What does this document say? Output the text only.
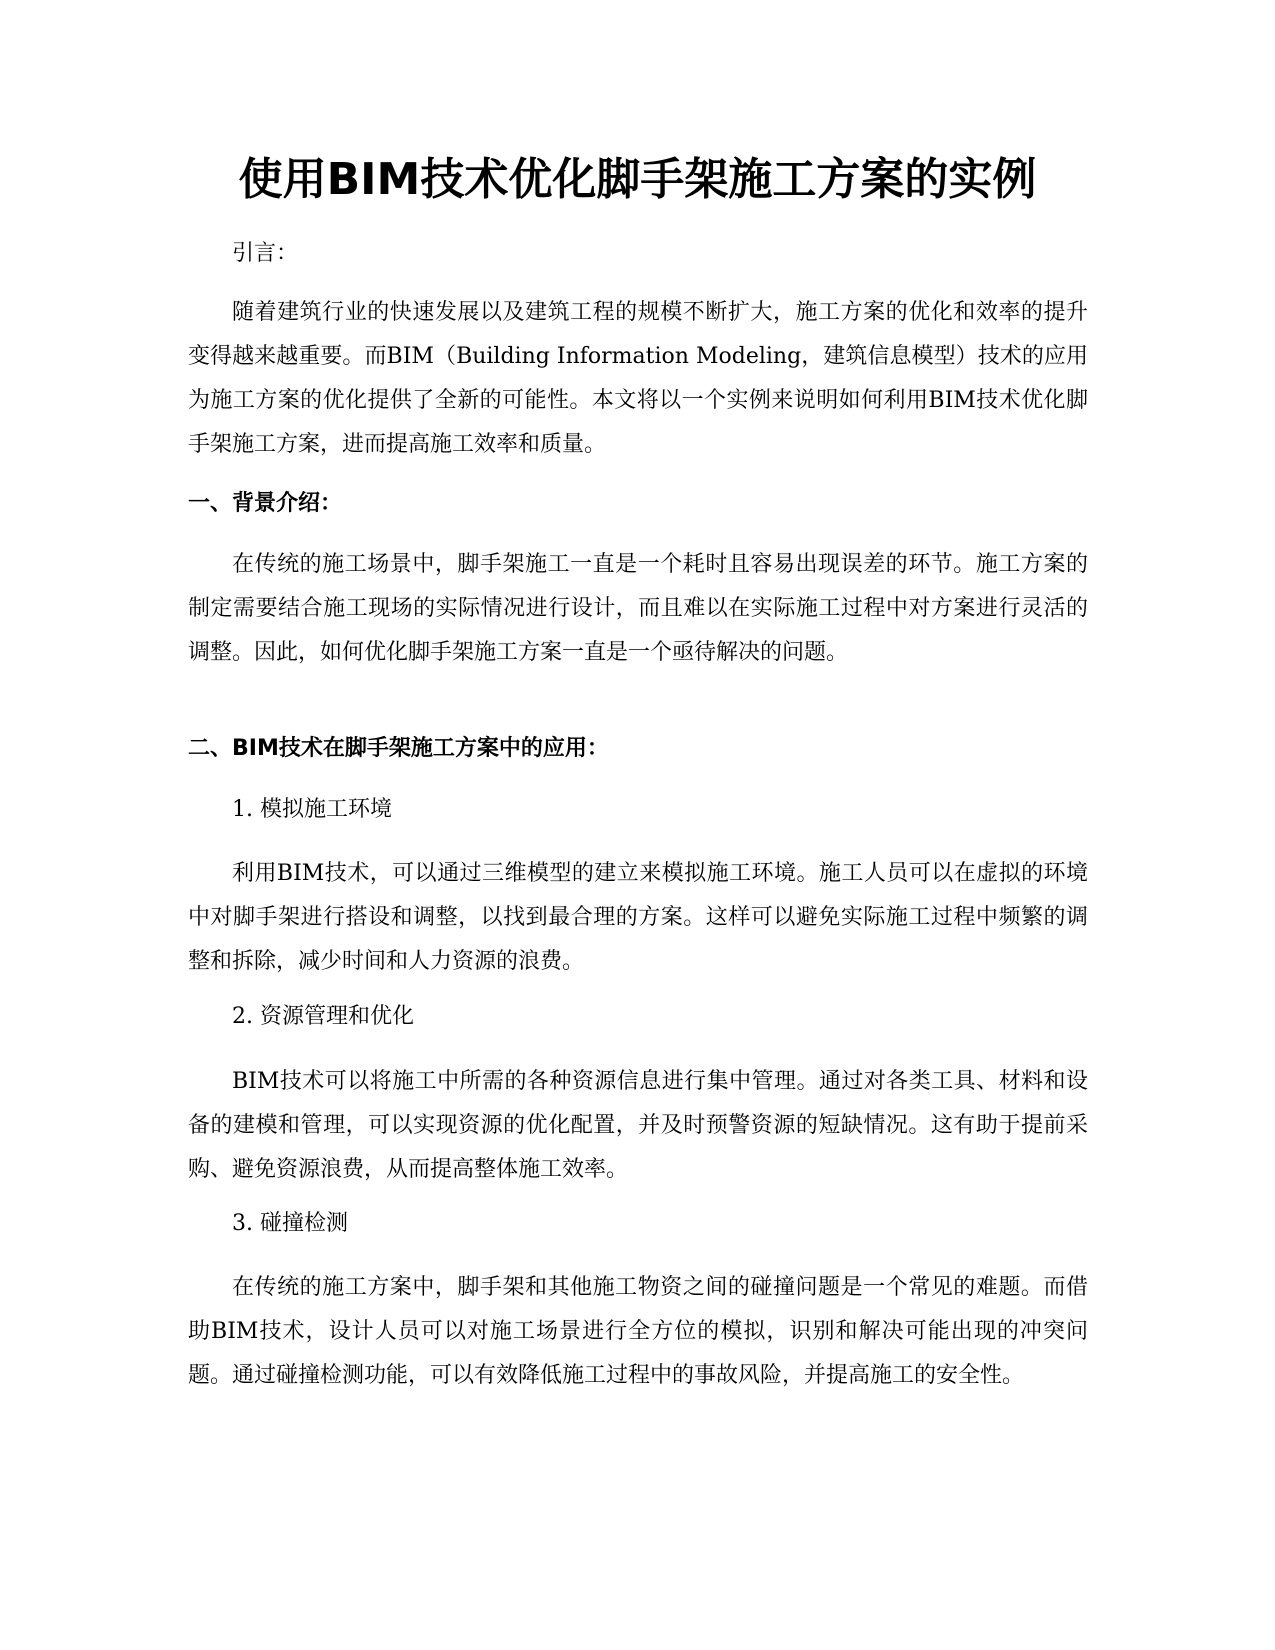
使用BIM技术优化脚手架施工方案的实例

引言：

随着建筑行业的快速发展以及建筑工程的规模不断扩大，施工方案的优化和效率的提升变得越来越重要。而BIM（Building Information Modeling，建筑信息模型）技术的应用为施工方案的优化提供了全新的可能性。本文将以一个实例来说明如何利用BIM技术优化脚手架施工方案，进而提高施工效率和质量。

一、背景介绍：

在传统的施工场景中，脚手架施工一直是一个耗时且容易出现误差的环节。施工方案的制定需要结合施工现场的实际情况进行设计，而且难以在实际施工过程中对方案进行灵活的调整。因此，如何优化脚手架施工方案一直是一个亟待解决的问题。

二、BIM技术在脚手架施工方案中的应用：

1. 模拟施工环境

利用BIM技术，可以通过三维模型的建立来模拟施工环境。施工人员可以在虚拟的环境中对脚手架进行搭设和调整，以找到最合理的方案。这样可以避免实际施工过程中频繁的调整和拆除，减少时间和人力资源的浪费。

2. 资源管理和优化

BIM技术可以将施工中所需的各种资源信息进行集中管理。通过对各类工具、材料和设备的建模和管理，可以实现资源的优化配置，并及时预警资源的短缺情况。这有助于提前采购、避免资源浪费，从而提高整体施工效率。

3. 碰撞检测

在传统的施工方案中，脚手架和其他施工物资之间的碰撞问题是一个常见的难题。而借助BIM技术，设计人员可以对施工场景进行全方位的模拟，识别和解决可能出现的冲突问题。通过碰撞检测功能，可以有效降低施工过程中的事故风险，并提高施工的安全性。
